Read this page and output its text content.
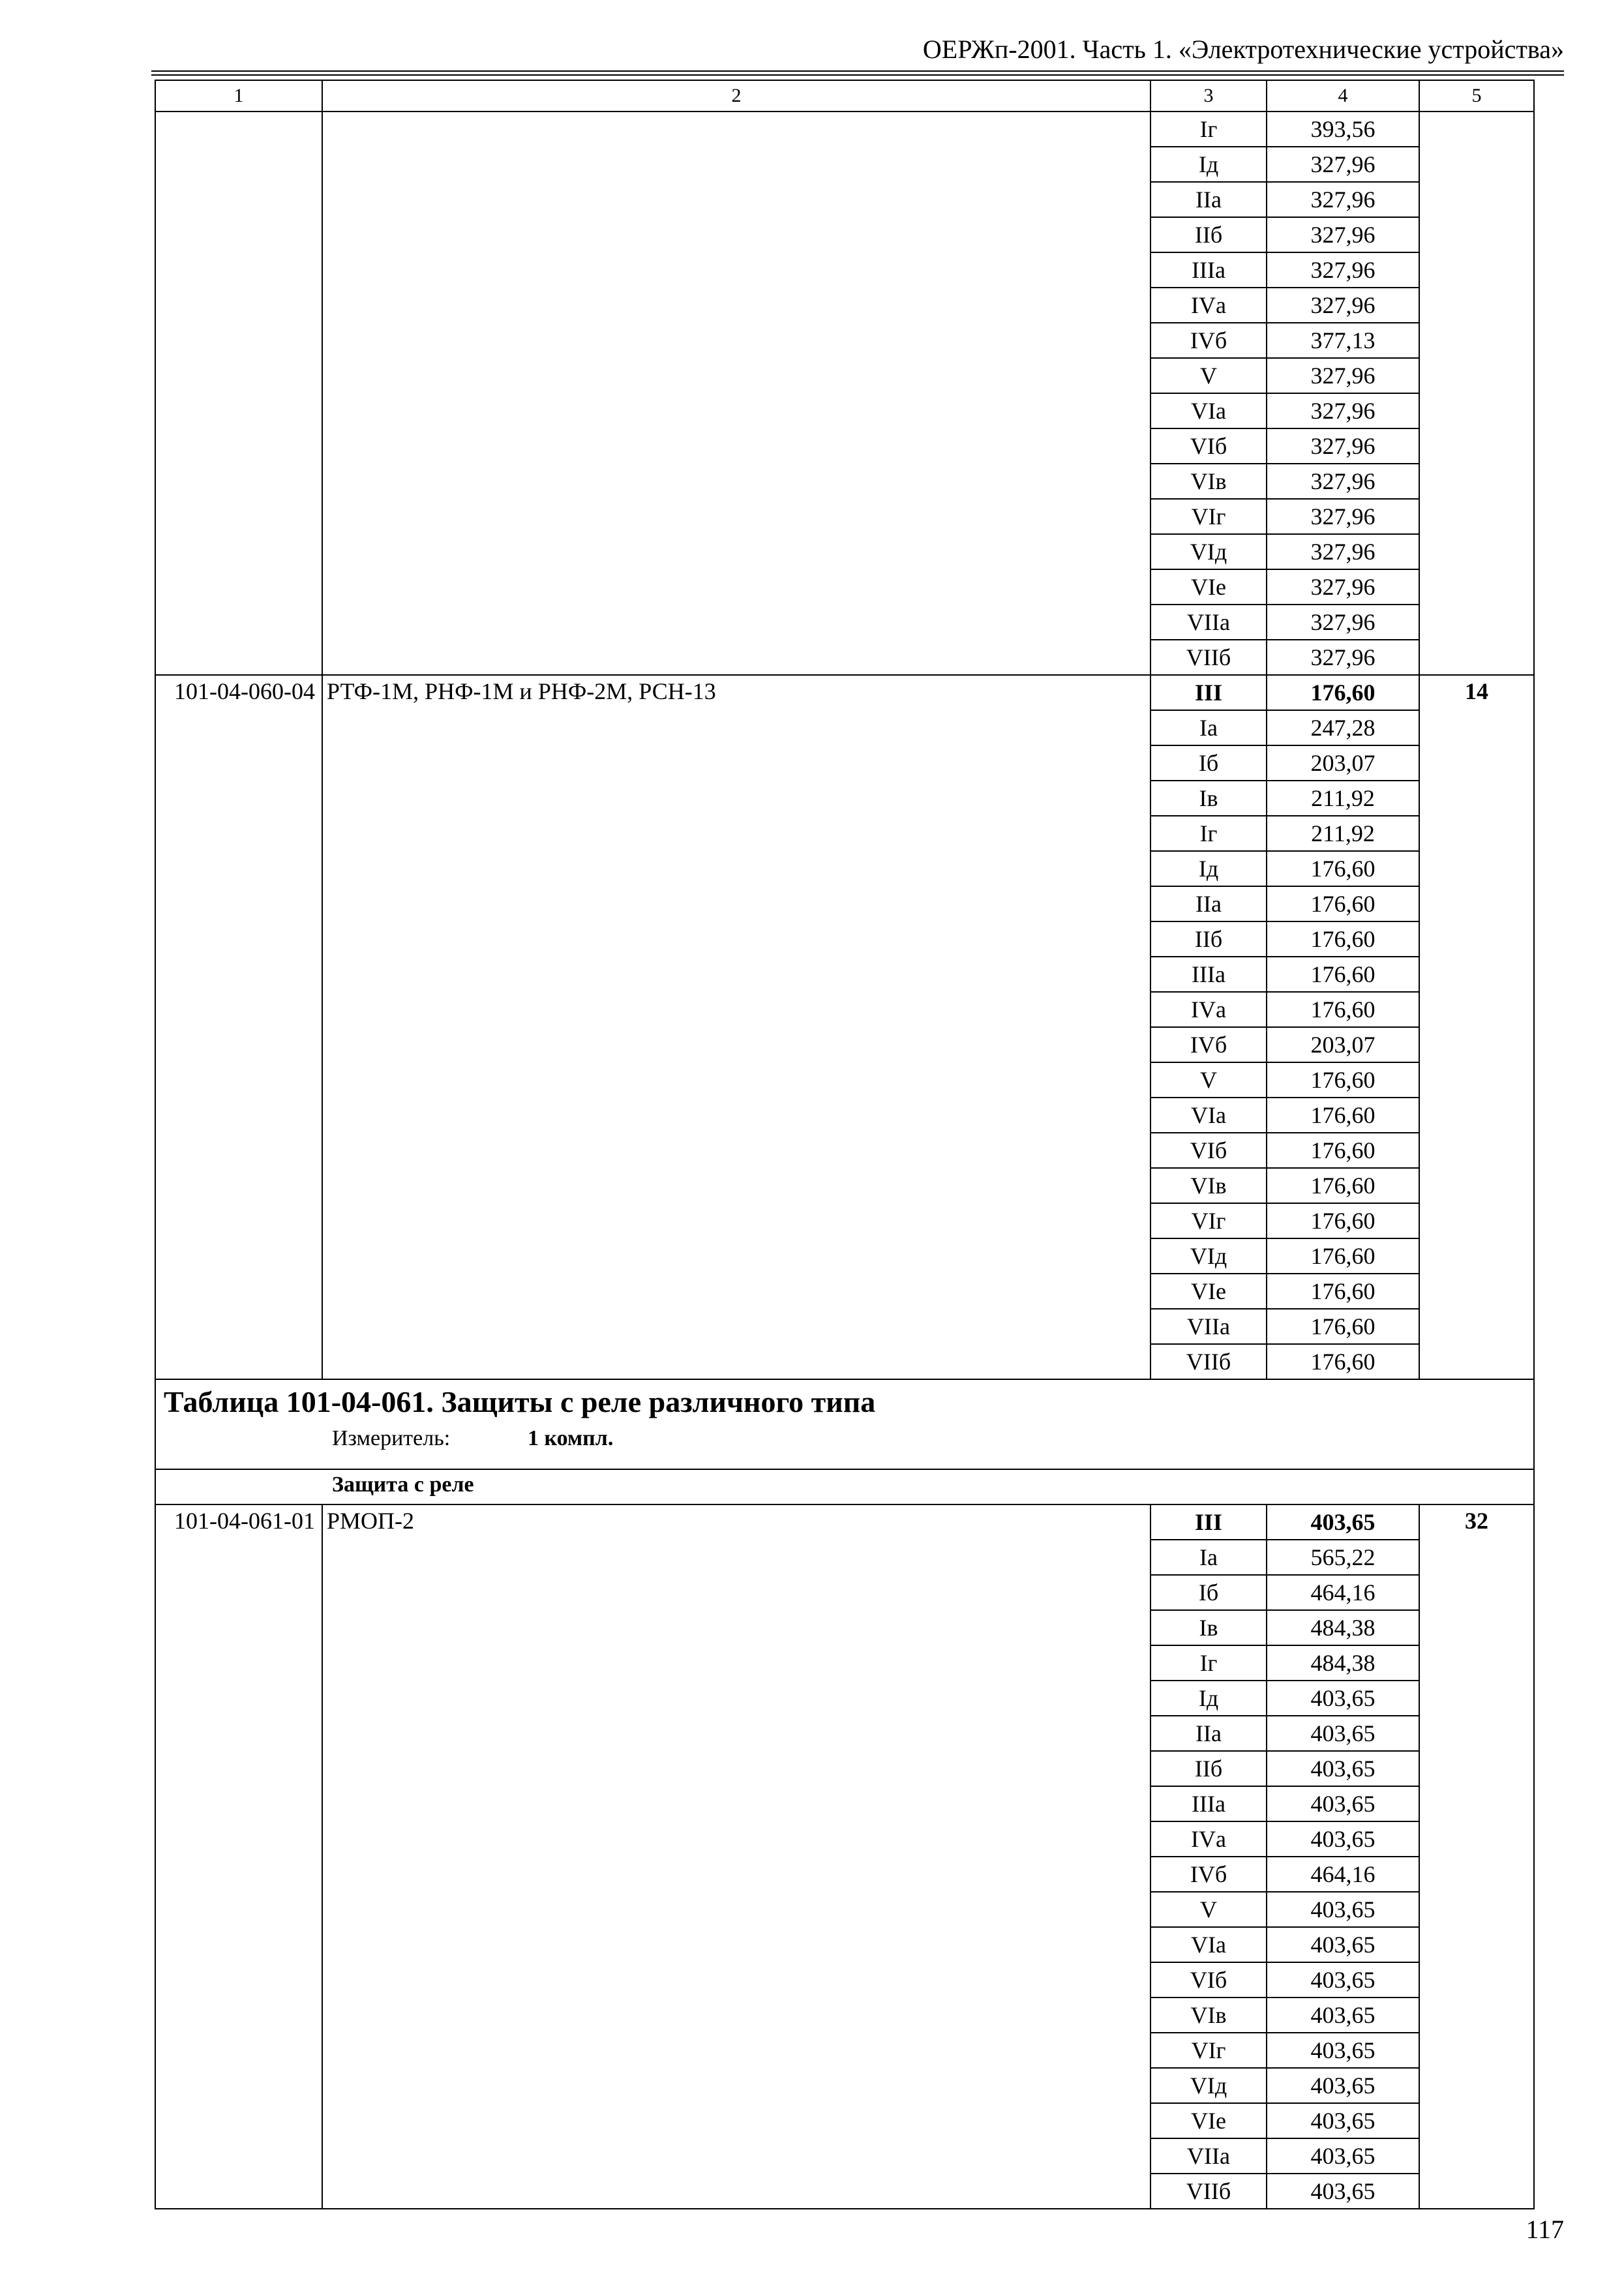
ОЕРЖп-2001. Часть 1. «Электротехнические устройства»
1	2	3	4	5
		Iг	393,56	
		Iд	327,96	
		IIа	327,96	
		IIб	327,96	
		IIIа	327,96	
		IVа	327,96	
		IVб	377,13	
		V	327,96	
		VIа	327,96	
		VIб	327,96	
		VIв	327,96	
		VIг	327,96	
		VIд	327,96	
		VIе	327,96	
		VIIа	327,96	
		VIIб	327,96	
101-04-060-04	РТФ-1М, РНФ-1М и РНФ-2М, РСН-13	III	176,60	14
		Iа	247,28	
		Iб	203,07	
		Iв	211,92	
		Iг	211,92	
		Iд	176,60	
		IIа	176,60	
		IIб	176,60	
		IIIа	176,60	
		IVа	176,60	
		IVб	203,07	
		V	176,60	
		VIа	176,60	
		VIб	176,60	
		VIв	176,60	
		VIг	176,60	
		VIд	176,60	
		VIе	176,60	
		VIIа	176,60	
		VIIб	176,60	

Таблица 101-04-061. Защиты с реле различного типа
Измеритель: 1 компл.				

Защита с реле				
101-04-061-01	РМОП-2	III	403,65	32
		Iа	565,22	
		Iб	464,16	
		Iв	484,38	
		Iг	484,38	
		Iд	403,65	
		IIа	403,65	
		IIб	403,65	
		IIIа	403,65	
		IVа	403,65	
		IVб	464,16	
		V	403,65	
		VIа	403,65	
		VIб	403,65	
		VIв	403,65	
		VIг	403,65	
		VIд	403,65	
		VIе	403,65	
		VIIа	403,65	
		VIIб	403,65	
117
